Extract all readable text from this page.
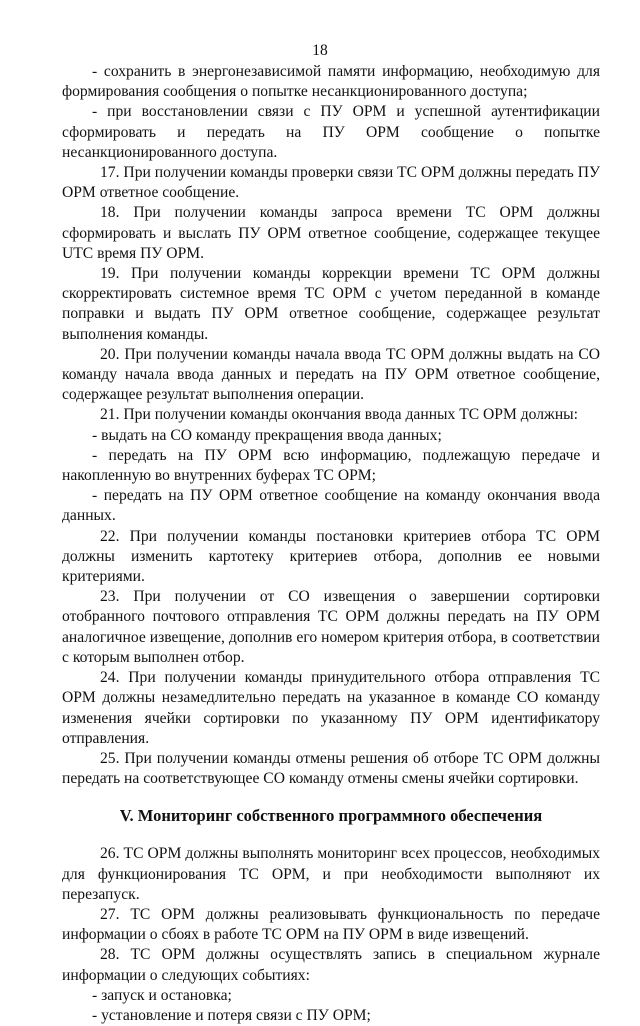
18

- сохранить в энергонезависимой памяти информацию, необходимую для формирования сообщения о попытке несанкционированного доступа;

- при восстановлении связи с ПУ ОРМ и успешной аутентификации сформировать и передать на ПУ ОРМ сообщение о попытке несанкционированного доступа.

17. При получении команды проверки связи ТС ОРМ должны передать ПУ ОРМ ответное сообщение.

18. При получении команды запроса времени ТС ОРМ должны сформировать и выслать ПУ ОРМ ответное сообщение, содержащее текущее UTC время ПУ ОРМ.

19. При получении команды коррекции времени ТС ОРМ должны скорректировать системное время ТС ОРМ с учетом переданной в команде поправки и выдать ПУ ОРМ ответное сообщение, содержащее результат выполнения команды.

20. При получении команды начала ввода ТС ОРМ должны выдать на СО команду начала ввода данных и передать на ПУ ОРМ ответное сообщение, содержащее результат выполнения операции.

21. При получении команды окончания ввода данных ТС ОРМ должны:

- выдать на СО команду прекращения ввода данных;

- передать на ПУ ОРМ всю информацию, подлежащую передаче и накопленную во внутренних буферах ТС ОРМ;

- передать на ПУ ОРМ ответное сообщение на команду окончания ввода данных.

22. При получении команды постановки критериев отбора ТС ОРМ должны изменить картотеку критериев отбора, дополнив ее новыми критериями.

23. При получении от СО извещения о завершении сортировки отобранного почтового отправления ТС ОРМ должны передать на ПУ ОРМ аналогичное извещение, дополнив его номером критерия отбора, в соответствии с которым выполнен отбор.

24. При получении команды принудительного отбора отправления ТС ОРМ должны незамедлительно передать на указанное в команде СО команду изменения ячейки сортировки по указанному ПУ ОРМ идентификатору отправления.

25. При получении команды отмены решения об отборе ТС ОРМ должны передать на соответствующее СО команду отмены смены ячейки сортировки.

V. Мониторинг собственного программного обеспечения

26. ТС ОРМ должны выполнять мониторинг всех процессов, необходимых для функционирования ТС ОРМ, и при необходимости выполняют их перезапуск.

27. ТС ОРМ должны реализовывать функциональность по передаче информации о сбоях в работе ТС ОРМ на ПУ ОРМ в виде извещений.

28. ТС ОРМ должны осуществлять запись в специальном журнале информации о следующих событиях:

- запуск и остановка;

- установление и потеря связи с ПУ ОРМ;
